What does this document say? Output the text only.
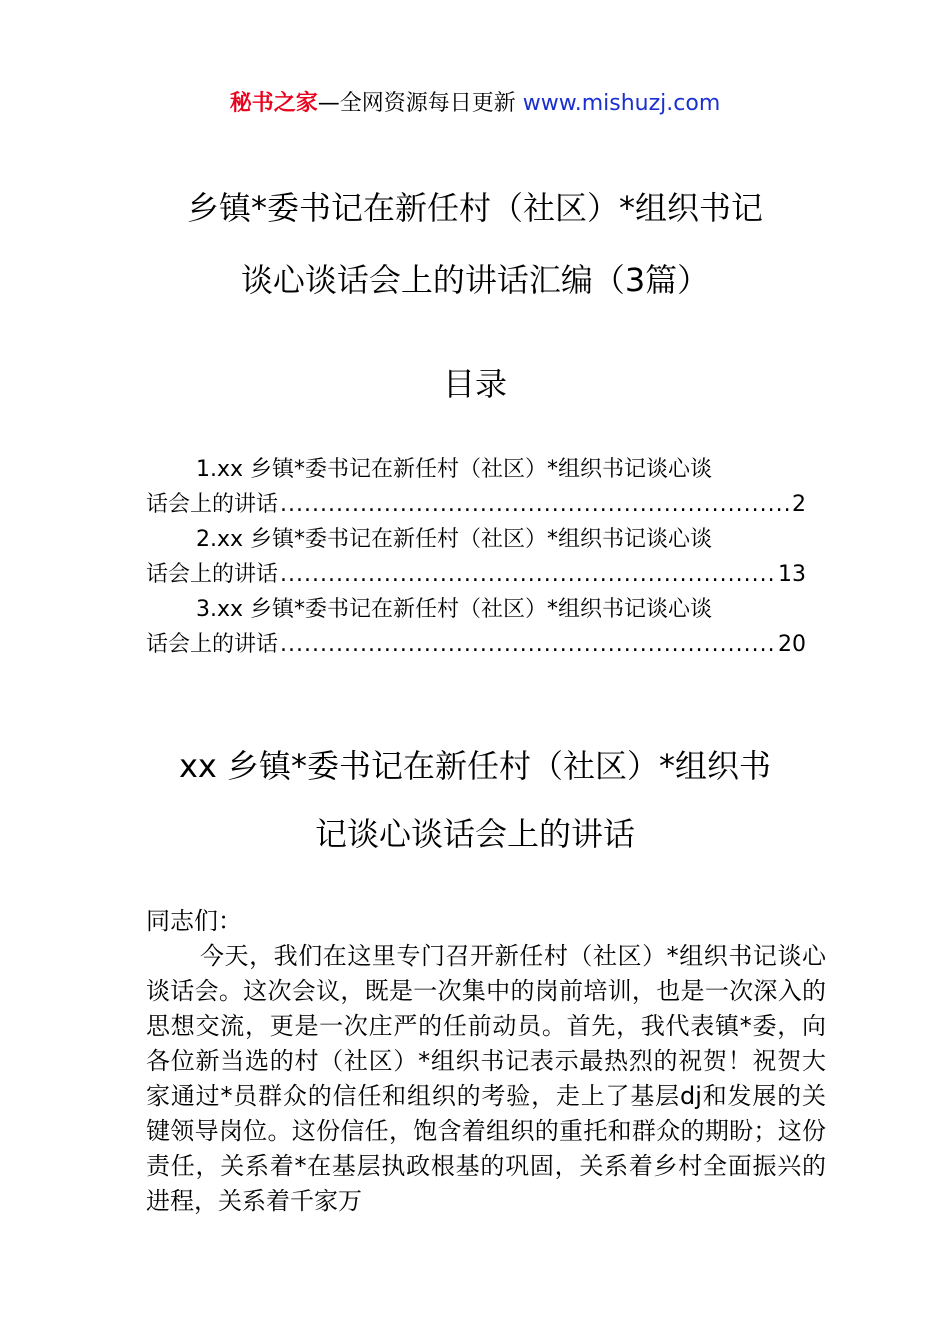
秘书之家—全网资源每日更新 www.mishuzj.com
乡镇*委书记在新任村（社区）*组织书记
谈心谈话会上的讲话汇编（3篇）
目录
1.xx 乡镇*委书记在新任村（社区）*组织书记谈心谈
话会上的讲话 .....	2
2.xx 乡镇*委书记在新任村（社区）*组织书记谈心谈
话会上的讲话 .....	13
3.xx 乡镇*委书记在新任村（社区）*组织书记谈心谈
话会上的讲话 .....	20
xx 乡镇*委书记在新任村（社区）*组织书
记谈心谈话会上的讲话

同志们：

今天，我们在这里专门召开新任村（社区）*组织书记谈心谈话会。这次会议，既是一次集中的岗前培训，也是一次深入的思想交流，更是一次庄严的任前动员。首先，我代表镇*委，向各位新当选的村（社区）*组织书记表示最热烈的祝贺！祝贺大家通过*员群众的信任和组织的考验，走上了基层dj和发展的关键领导岗位。这份信任，饱含着组织的重托和群众的期盼；这份责任，关系着*在基层执政根基的巩固，关系着乡村全面振兴的进程，关系着千家万
